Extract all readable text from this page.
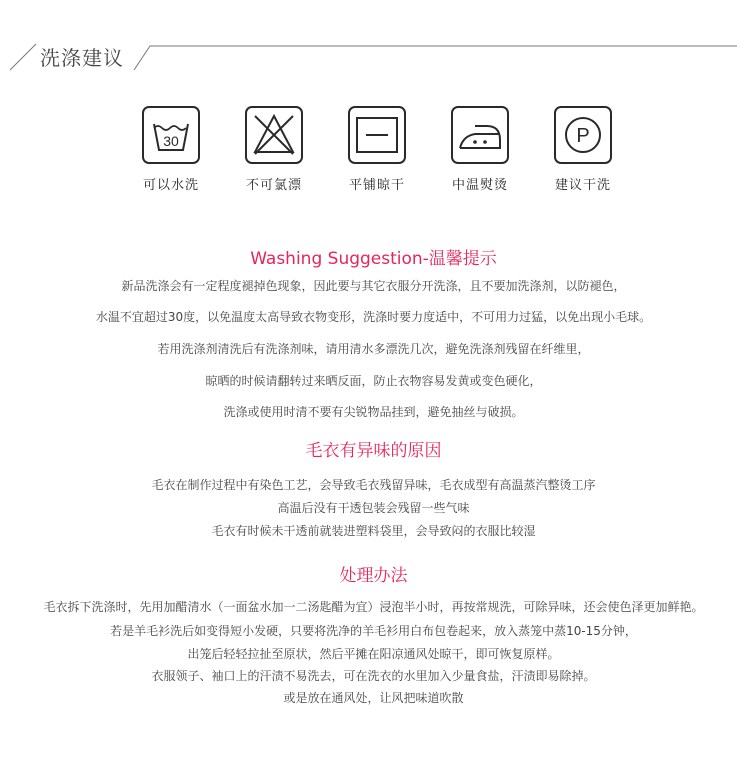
洗涤建议
30
可以水洗	不可氯漂	平铺晾干	中温熨烫
P
建议干洗
Washing Suggestion-温馨提示
新品洗涤会有一定程度褪掉色现象，因此要与其它衣服分开洗涤，且不要加洗涤剂，以防褪色，
水温不宜超过30度，以免温度太高导致衣物变形，洗涤时要力度适中，不可用力过猛，以免出现小毛球。
若用洗涤剂清洗后有洗涤剂味，请用清水多漂洗几次，避免洗涤剂残留在纤维里，
晾晒的时候请翻转过来晒反面，防止衣物容易发黄或变色硬化，
洗涤或使用时清不要有尖锐物品挂到，避免抽丝与破损。
毛衣有异味的原因
毛衣在制作过程中有染色工艺，会导致毛衣残留异味，毛衣成型有高温蒸汽整烫工序
高温后没有干透包装会残留一些气味
毛衣有时候未干透前就装进塑料袋里，会导致闷的衣服比较湿
处理办法
毛衣拆下洗涤时，先用加醋清水（一面盆水加一二汤匙醋为宜）浸泡半小时，再按常规洗，可除异味，还会使色泽更加鲜艳。
若是羊毛衫洗后如变得短小发硬，只要将洗净的羊毛衫用白布包卷起来，放入蒸笼中蒸10-15分钟，
出笼后轻轻拉扯至原状，然后平摊在阳凉通风处晾干，即可恢复原样。
衣服领子、袖口上的汗渍不易洗去，可在洗衣的水里加入少量食盐，汗渍即易除掉。
或是放在通风处，让风把味道吹散
